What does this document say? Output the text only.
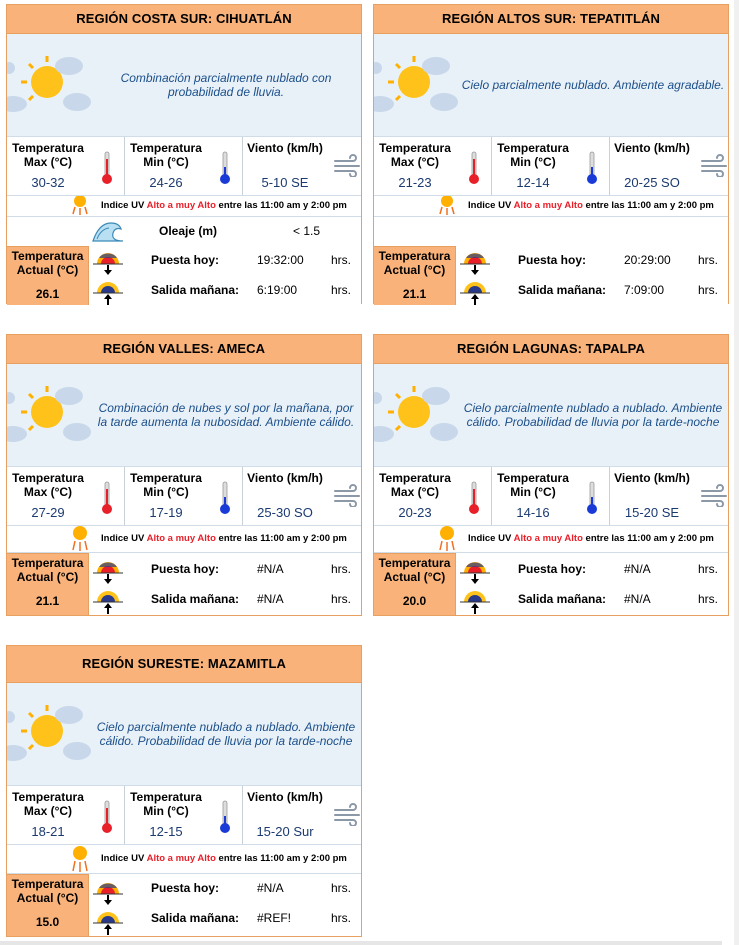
REGIÓN COSTA SUR: CIHUATLÁN
Combinación parcialmente nublado con probabilidad de lluvia.
Temperatura Max (°C)
30-32
Temperatura Min (°C)
24-26
Viento (km/h)
5-10 SE
Indice UV Alto a muy Alto entre las 11:00 am y 2:00 pm
Oleaje (m)	< 1.5
Temperatura Actual (°C)
26.1
Puesta hoy:	19:32:00	hrs.
Salida mañana: 6:19:00	hrs.
REGIÓN ALTOS SUR: TEPATITLÁN
Cielo parcialmente nublado. Ambiente agradable.
Temperatura Max (°C)
21-23
Temperatura Min (°C)
12-14
Viento (km/h)
20-25 SO
Indice UV Alto a muy Alto entre las 11:00 am y 2:00 pm
Temperatura Actual (°C)
21.1
Puesta hoy:	20:29:00	hrs.
Salida mañana: 7:09:00	hrs.
REGIÓN VALLES: AMECA
Combinación de nubes y sol por la mañana, por la tarde aumenta la nubosidad. Ambiente cálido.
Temperatura Max (°C)
27-29
Temperatura Min (°C)
17-19
Viento (km/h)
25-30 SO
Indice UV Alto a muy Alto entre las 11:00 am y 2:00 pm
Temperatura Actual (°C)
21.1
Puesta hoy:	#N/A	hrs.
Salida mañana: #N/A	hrs.
REGIÓN LAGUNAS: TAPALPA
Cielo parcialmente nublado a nublado. Ambiente cálido. Probabilidad de lluvia por la tarde-noche
Temperatura Max (°C)
20-23
Temperatura Min (°C)
14-16
Viento (km/h)
15-20 SE
Indice UV Alto a muy Alto entre las 11:00 am y 2:00 pm
Temperatura Actual (°C)
20.0
Puesta hoy:	#N/A	hrs.
Salida mañana: #N/A	hrs.
REGIÓN SURESTE: MAZAMITLA
Cielo parcialmente nublado a nublado. Ambiente cálido. Probabilidad de lluvia por la tarde-noche
Temperatura Max (°C)
18-21
Temperatura Min (°C)
12-15
Viento (km/h)
15-20 Sur
Indice UV Alto a muy Alto entre las 11:00 am y 2:00 pm
Temperatura Actual (°C)
15.0
Puesta hoy:	#N/A	hrs.
Salida mañana: #REF!	hrs.
